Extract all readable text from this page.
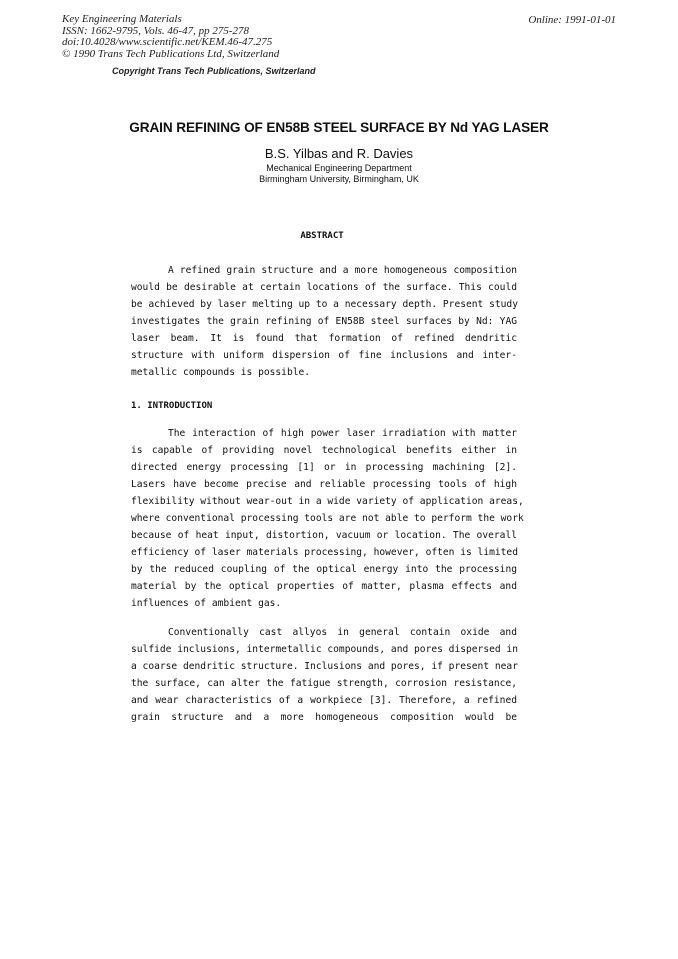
Key Engineering Materials
ISSN: 1662-9795, Vols. 46-47, pp 275-278
doi:10.4028/www.scientific.net/KEM.46-47.275
© 1990 Trans Tech Publications Ltd, Switzerland
Online: 1991-01-01
Copyright Trans Tech Publications, Switzerland
GRAIN REFINING OF EN58B STEEL SURFACE BY Nd YAG LASER
B.S. Yilbas and R. Davies
Mechanical Engineering Department
Birmingham University, Birmingham, UK
ABSTRACT
A refined grain structure and a more homogeneous composition
would be desirable at certain locations of the surface. This could
be achieved by laser melting up to a necessary depth. Present study
investigates the grain refining of EN58B steel surfaces by Nd: YAG
laser beam. It is found that formation of refined dendritic
structure with uniform dispersion of fine inclusions and inter-
metallic compounds is possible.
1. INTRODUCTION
The interaction of high power laser irradiation with matter
is capable of providing novel technological benefits either in
directed energy processing [1] or in processing machining [2].
Lasers have become precise and reliable processing tools of high
flexibility without wear-out in a wide variety of application areas,
where conventional processing tools are not able to perform the work
because of heat input, distortion, vacuum or location. The overall
efficiency of laser materials processing, however, often is limited
by the reduced coupling of the optical energy into the processing
material by the optical properties of matter, plasma effects and
influences of ambient gas.
Conventionally cast allyos in general contain oxide and
sulfide inclusions, intermetallic compounds, and pores dispersed in
a coarse dendritic structure. Inclusions and pores, if present near
the surface, can alter the fatigue strength, corrosion resistance,
and wear characteristics of a workpiece [3]. Therefore, a refined
grain structure and a more homogeneous composition would be
